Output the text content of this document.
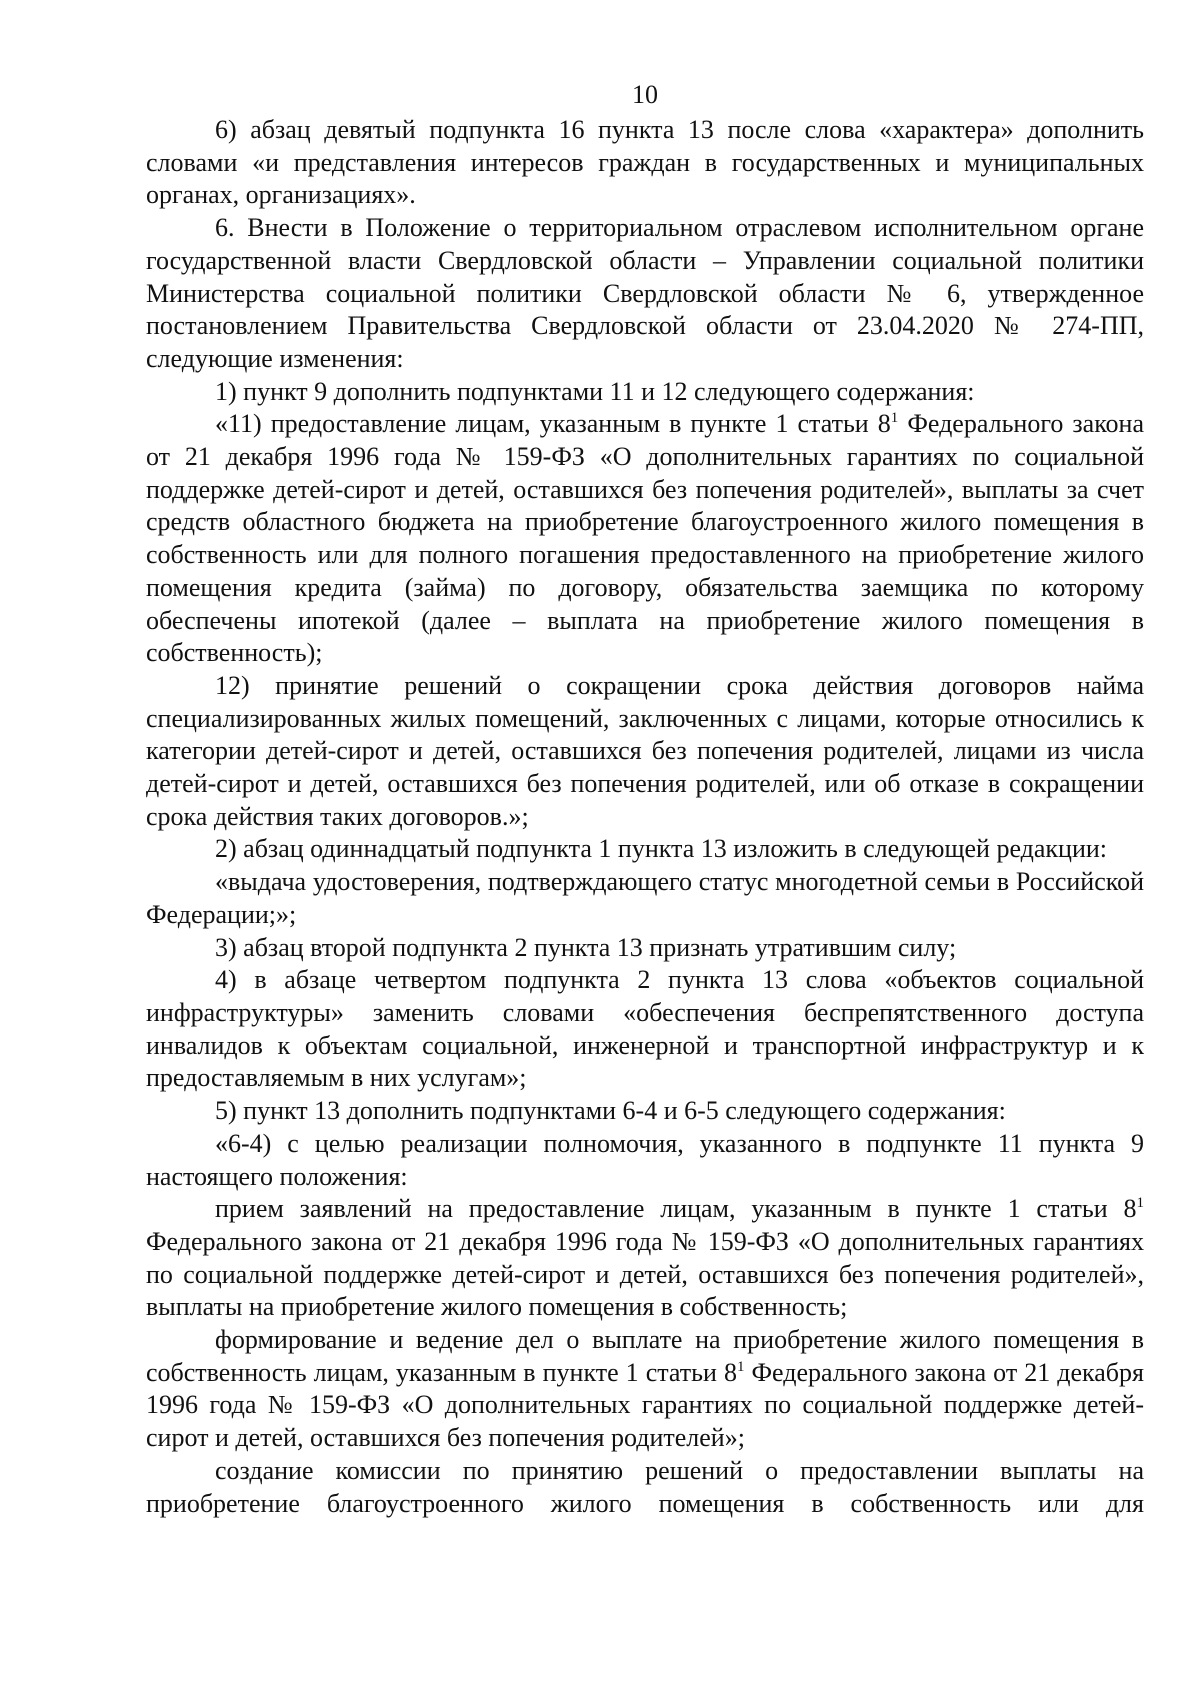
10

6) абзац девятый подпункта 16 пункта 13 после слова «характера» дополнить словами «и представления интересов граждан в государственных и муниципальных органах, организациях».

6. Внести в Положение о территориальном отраслевом исполнительном органе государственной власти Свердловской области – Управлении социальной политики Министерства социальной политики Свердловской области № 6, утвержденное постановлением Правительства Свердловской области от 23.04.2020 № 274-ПП, следующие изменения:

1) пункт 9 дополнить подпунктами 11 и 12 следующего содержания:

«11) предоставление лицам, указанным в пункте 1 статьи $8^1$ Федерального закона от 21 декабря 1996 года № 159-ФЗ «О дополнительных гарантиях по социальной поддержке детей-сирот и детей, оставшихся без попечения родителей», выплаты за счет средств областного бюджета на приобретение благоустроенного жилого помещения в собственность или для полного погашения предоставленного на приобретение жилого помещения кредита (займа) по договору, обязательства заемщика по которому обеспечены ипотекой (далее – выплата на приобретение жилого помещения в собственность);

12) принятие решений о сокращении срока действия договоров найма специализированных жилых помещений, заключенных с лицами, которые относились к категории детей-сирот и детей, оставшихся без попечения родителей, лицами из числа детей-сирот и детей, оставшихся без попечения родителей, или об отказе в сокращении срока действия таких договоров.»;

2) абзац одиннадцатый подпункта 1 пункта 13 изложить в следующей редакции:

«выдача удостоверения, подтверждающего статус многодетной семьи в Российской Федерации;»;

3) абзац второй подпункта 2 пункта 13 признать утратившим силу;

4) в абзаце четвертом подпункта 2 пункта 13 слова «объектов социальной инфраструктуры» заменить словами «обеспечения беспрепятственного доступа инвалидов к объектам социальной, инженерной и транспортной инфраструктур и к предоставляемым в них услугам»;

5) пункт 13 дополнить подпунктами 6-4 и 6-5 следующего содержания:

«6-4) с целью реализации полномочия, указанного в подпункте 11 пункта 9 настоящего положения:

прием заявлений на предоставление лицам, указанным в пункте 1 статьи $8^1$ Федерального закона от 21 декабря 1996 года № 159-ФЗ «О дополнительных гарантиях по социальной поддержке детей-сирот и детей, оставшихся без попечения родителей», выплаты на приобретение жилого помещения в собственность;

формирование и ведение дел о выплате на приобретение жилого помещения в собственность лицам, указанным в пункте 1 статьи $8^1$ Федерального закона от 21 декабря 1996 года № 159-ФЗ «О дополнительных гарантиях по социальной поддержке детей-сирот и детей, оставшихся без попечения родителей»;

создание комиссии по принятию решений о предоставлении выплаты на приобретение благоустроенного жилого помещения в собственность или для
